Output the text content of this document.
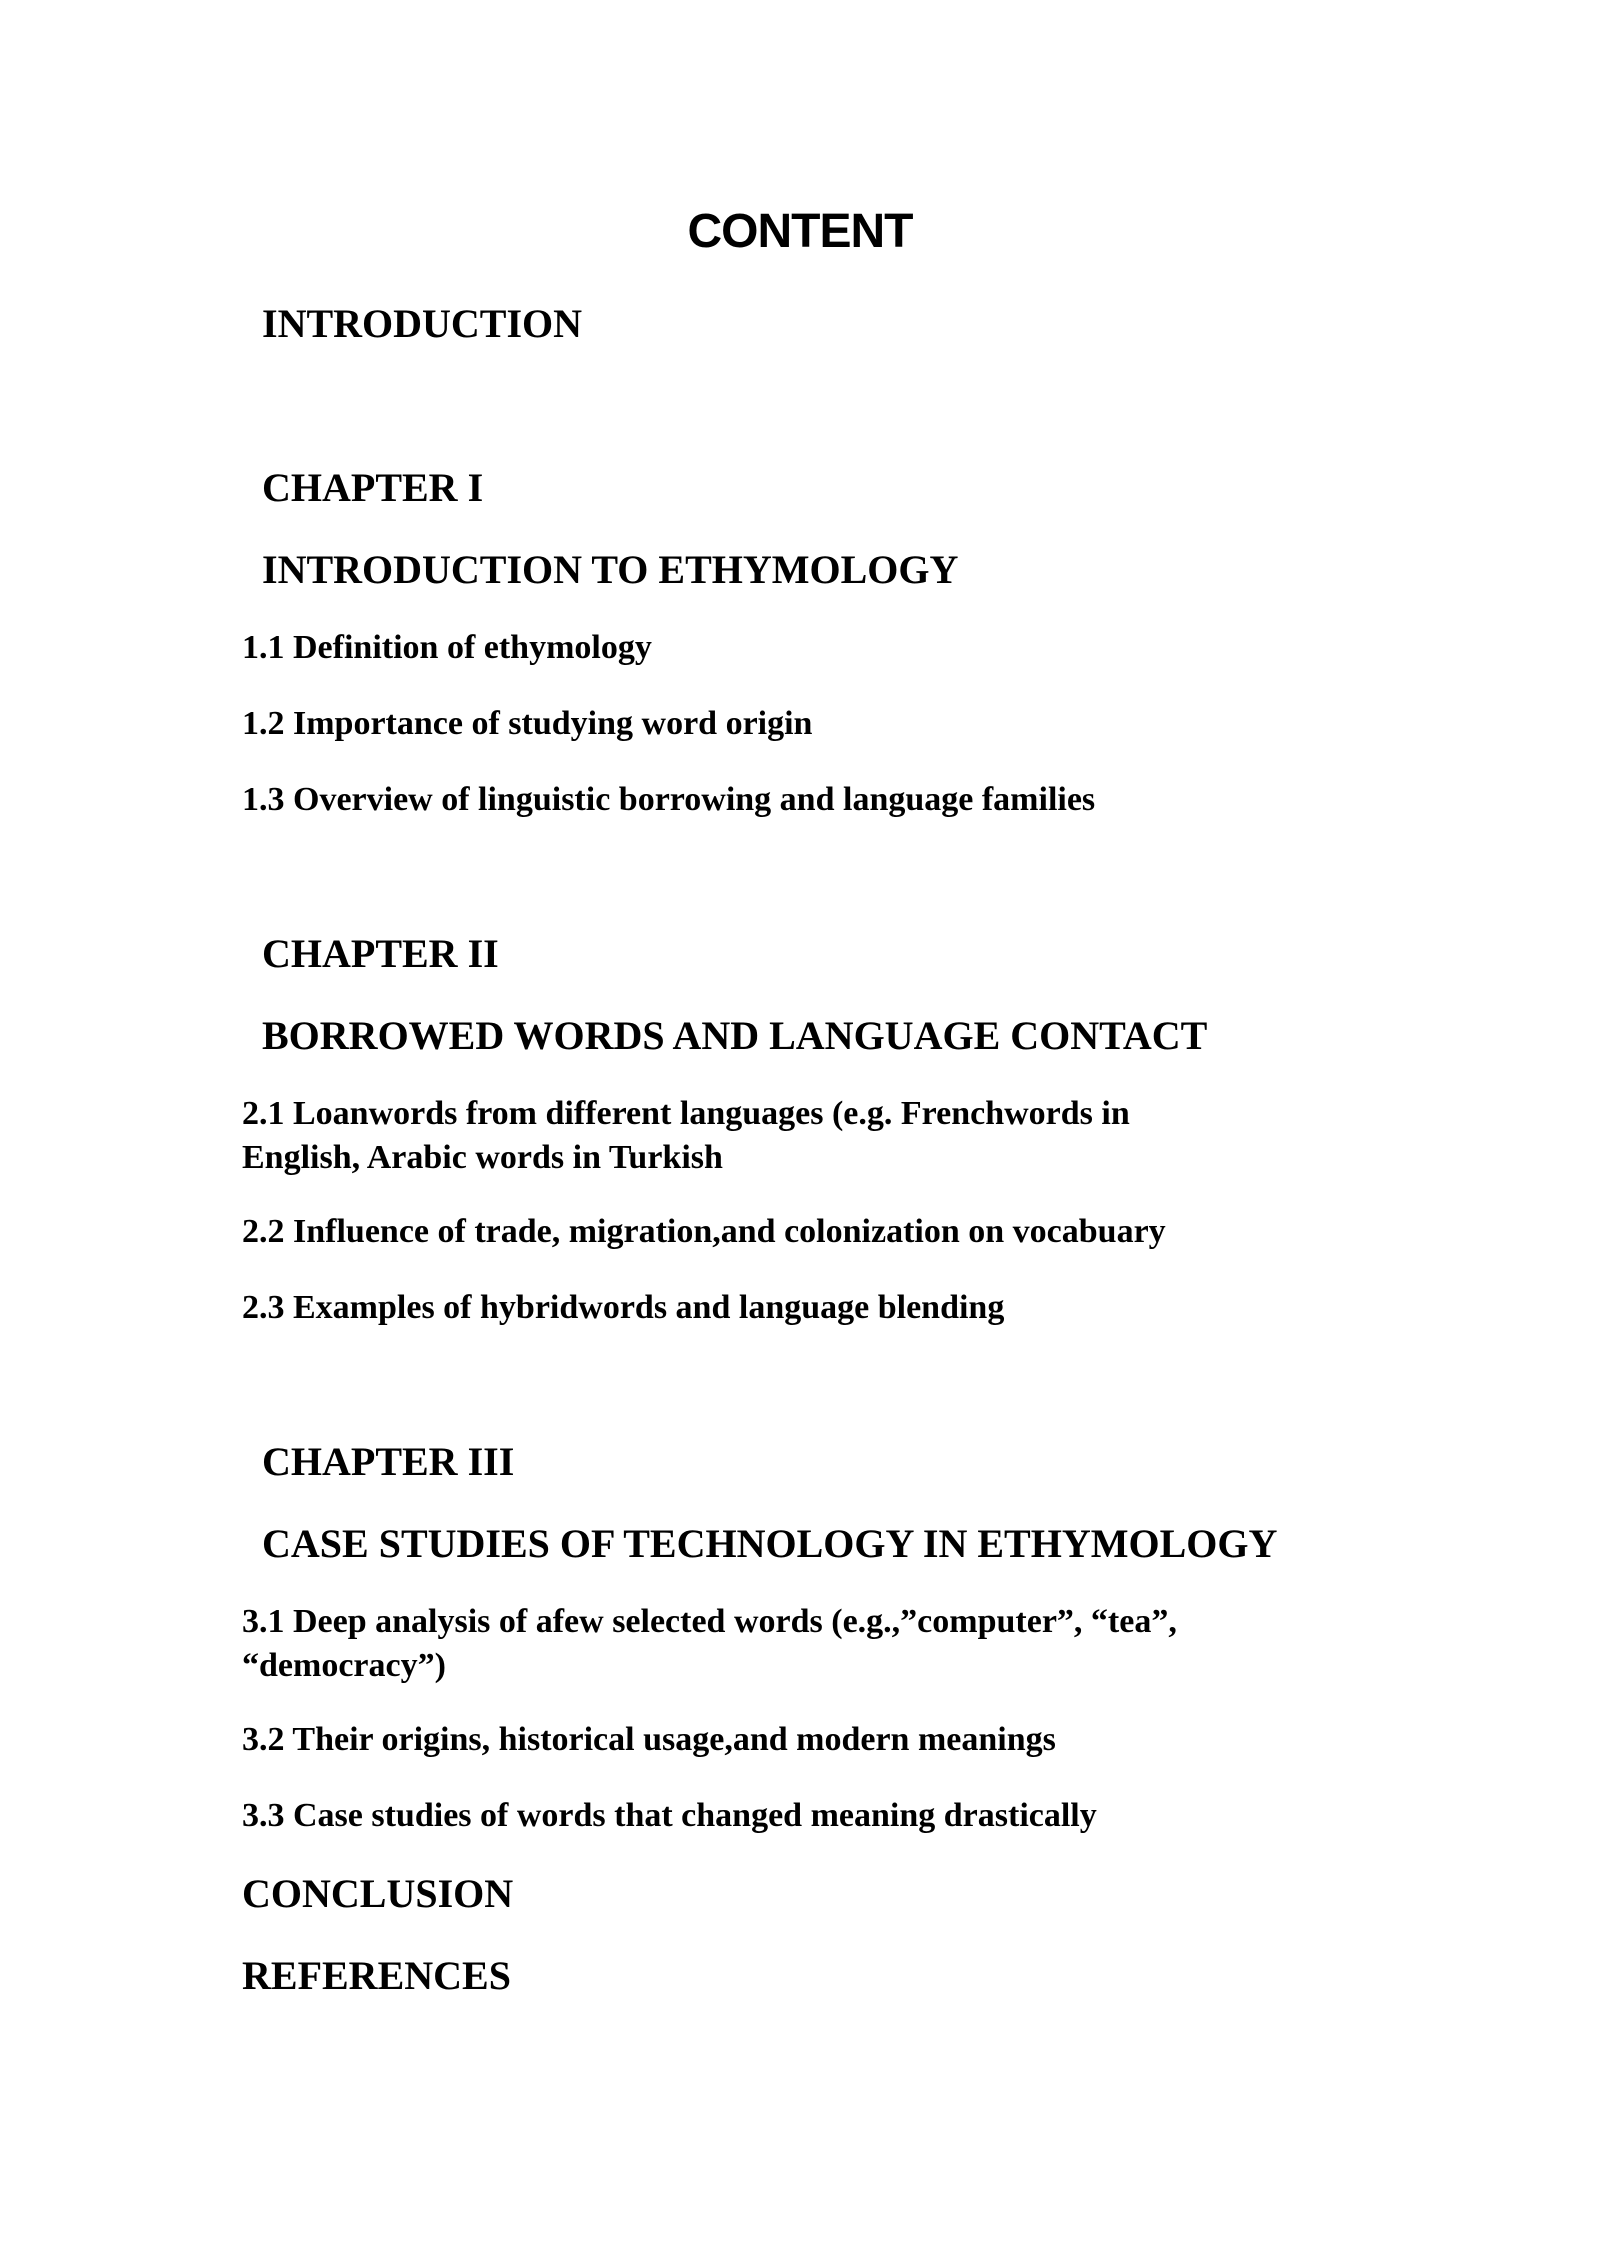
CONTENT

INTRODUCTION

CHAPTER I

INTRODUCTION TO ETHYMOLOGY

1.1 Definition of ethymology

1.2 Importance of studying word origin

1.3 Overview of linguistic borrowing and language families

CHAPTER II

BORROWED WORDS AND LANGUAGE CONTACT

2.1 Loanwords from different languages (e.g. Frenchwords in

English, Arabic words in Turkish

2.2 Influence of trade, migration,and colonization on vocabuary

2.3 Examples of hybridwords and language blending

CHAPTER III

CASE STUDIES OF TECHNOLOGY IN ETHYMOLOGY

3.1 Deep analysis of afew selected words (e.g.,”computer”, “tea”,

“democracy”)

3.2 Their origins, historical usage,and modern meanings

3.3 Case studies of words that changed meaning drastically

CONCLUSION

REFERENCES
